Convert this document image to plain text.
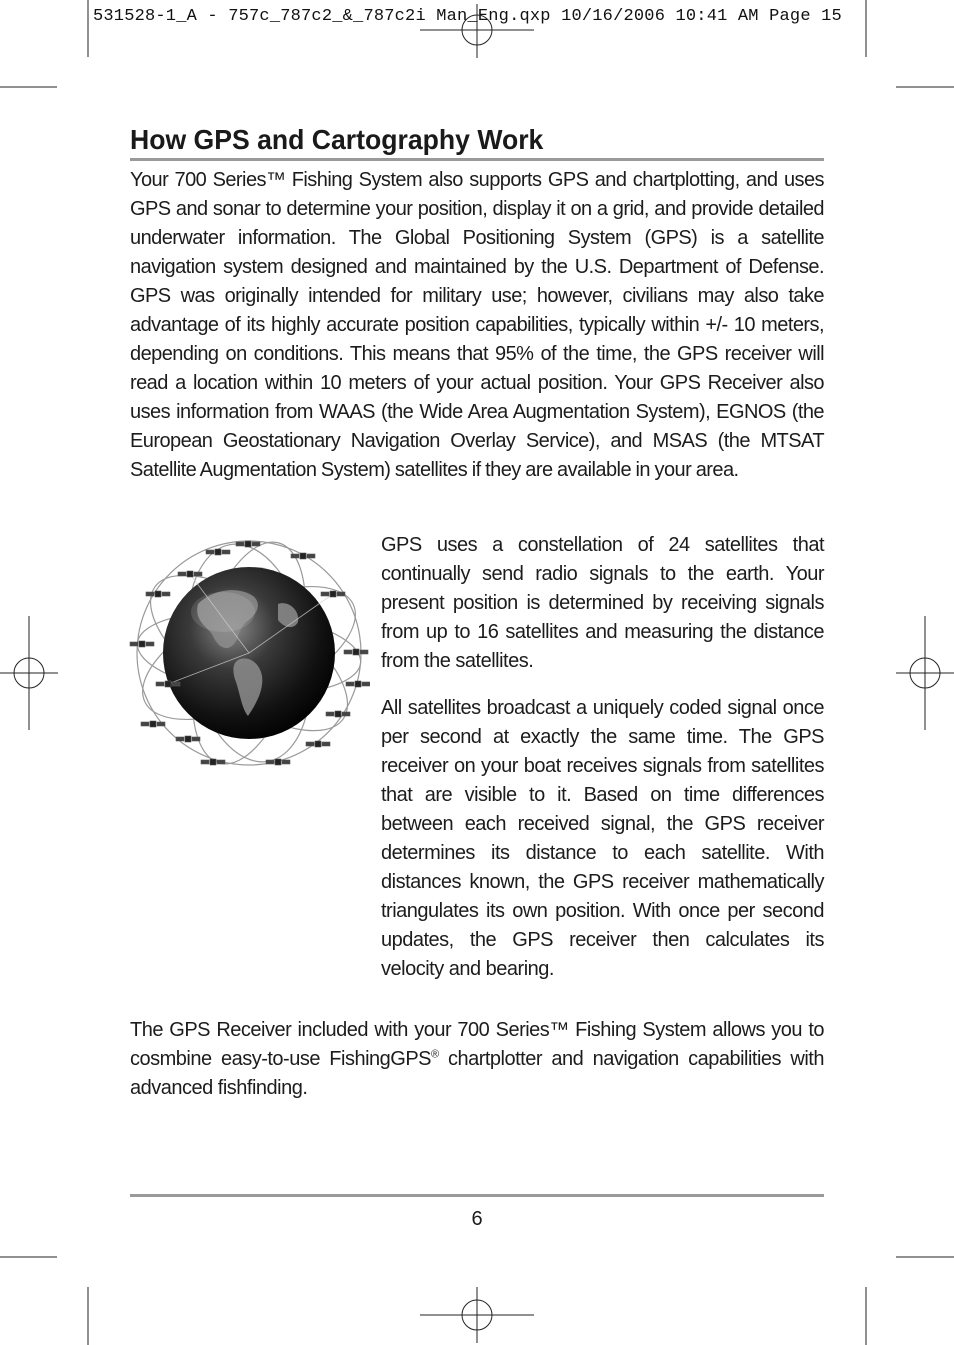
531528-1_A - 757c_787c2_&_787c2i Man_Eng.qxp 10/16/2006 10:41 AM Page 15
How GPS and Cartography Work

Your 700 Series™ Fishing System also supports GPS and chartplotting, and uses GPS and sonar to determine your position, display it on a grid, and provide detailed underwater information. The Global Positioning System (GPS) is a satellite navigation system designed and maintained by the U.S. Department of Defense. GPS was originally intended for military use; however, civilians may also take advantage of its highly accurate position capabilities, typically within +/- 10 meters, depending on conditions. This means that 95% of the time, the GPS receiver will read a location within 10 meters of your actual position. Your GPS Receiver also uses information from WAAS (the Wide Area Augmentation System), EGNOS (the European Geostationary Navigation Overlay Service), and MSAS (the MTSAT Satellite Augmentation System) satellites if they are available in your area.

GPS uses a constellation of 24 satellites that continually send radio signals to the earth. Your present position is determined by receiving signals from up to 16 satellites and measuring the distance from the satellites.

All satellites broadcast a uniquely coded signal once per second at exactly the same time. The GPS receiver on your boat receives signals from satellites that are visible to it. Based on time differences between each received signal, the GPS receiver determines its distance to each satellite. With distances known, the GPS receiver mathematically triangulates its own position. With once per second updates, the GPS receiver then calculates its velocity and bearing.

The GPS Receiver included with your 700 Series™ Fishing System allows you to cosmbine easy-to-use FishingGPS® chartplotter and navigation capabilities with advanced fishfinding.

6
